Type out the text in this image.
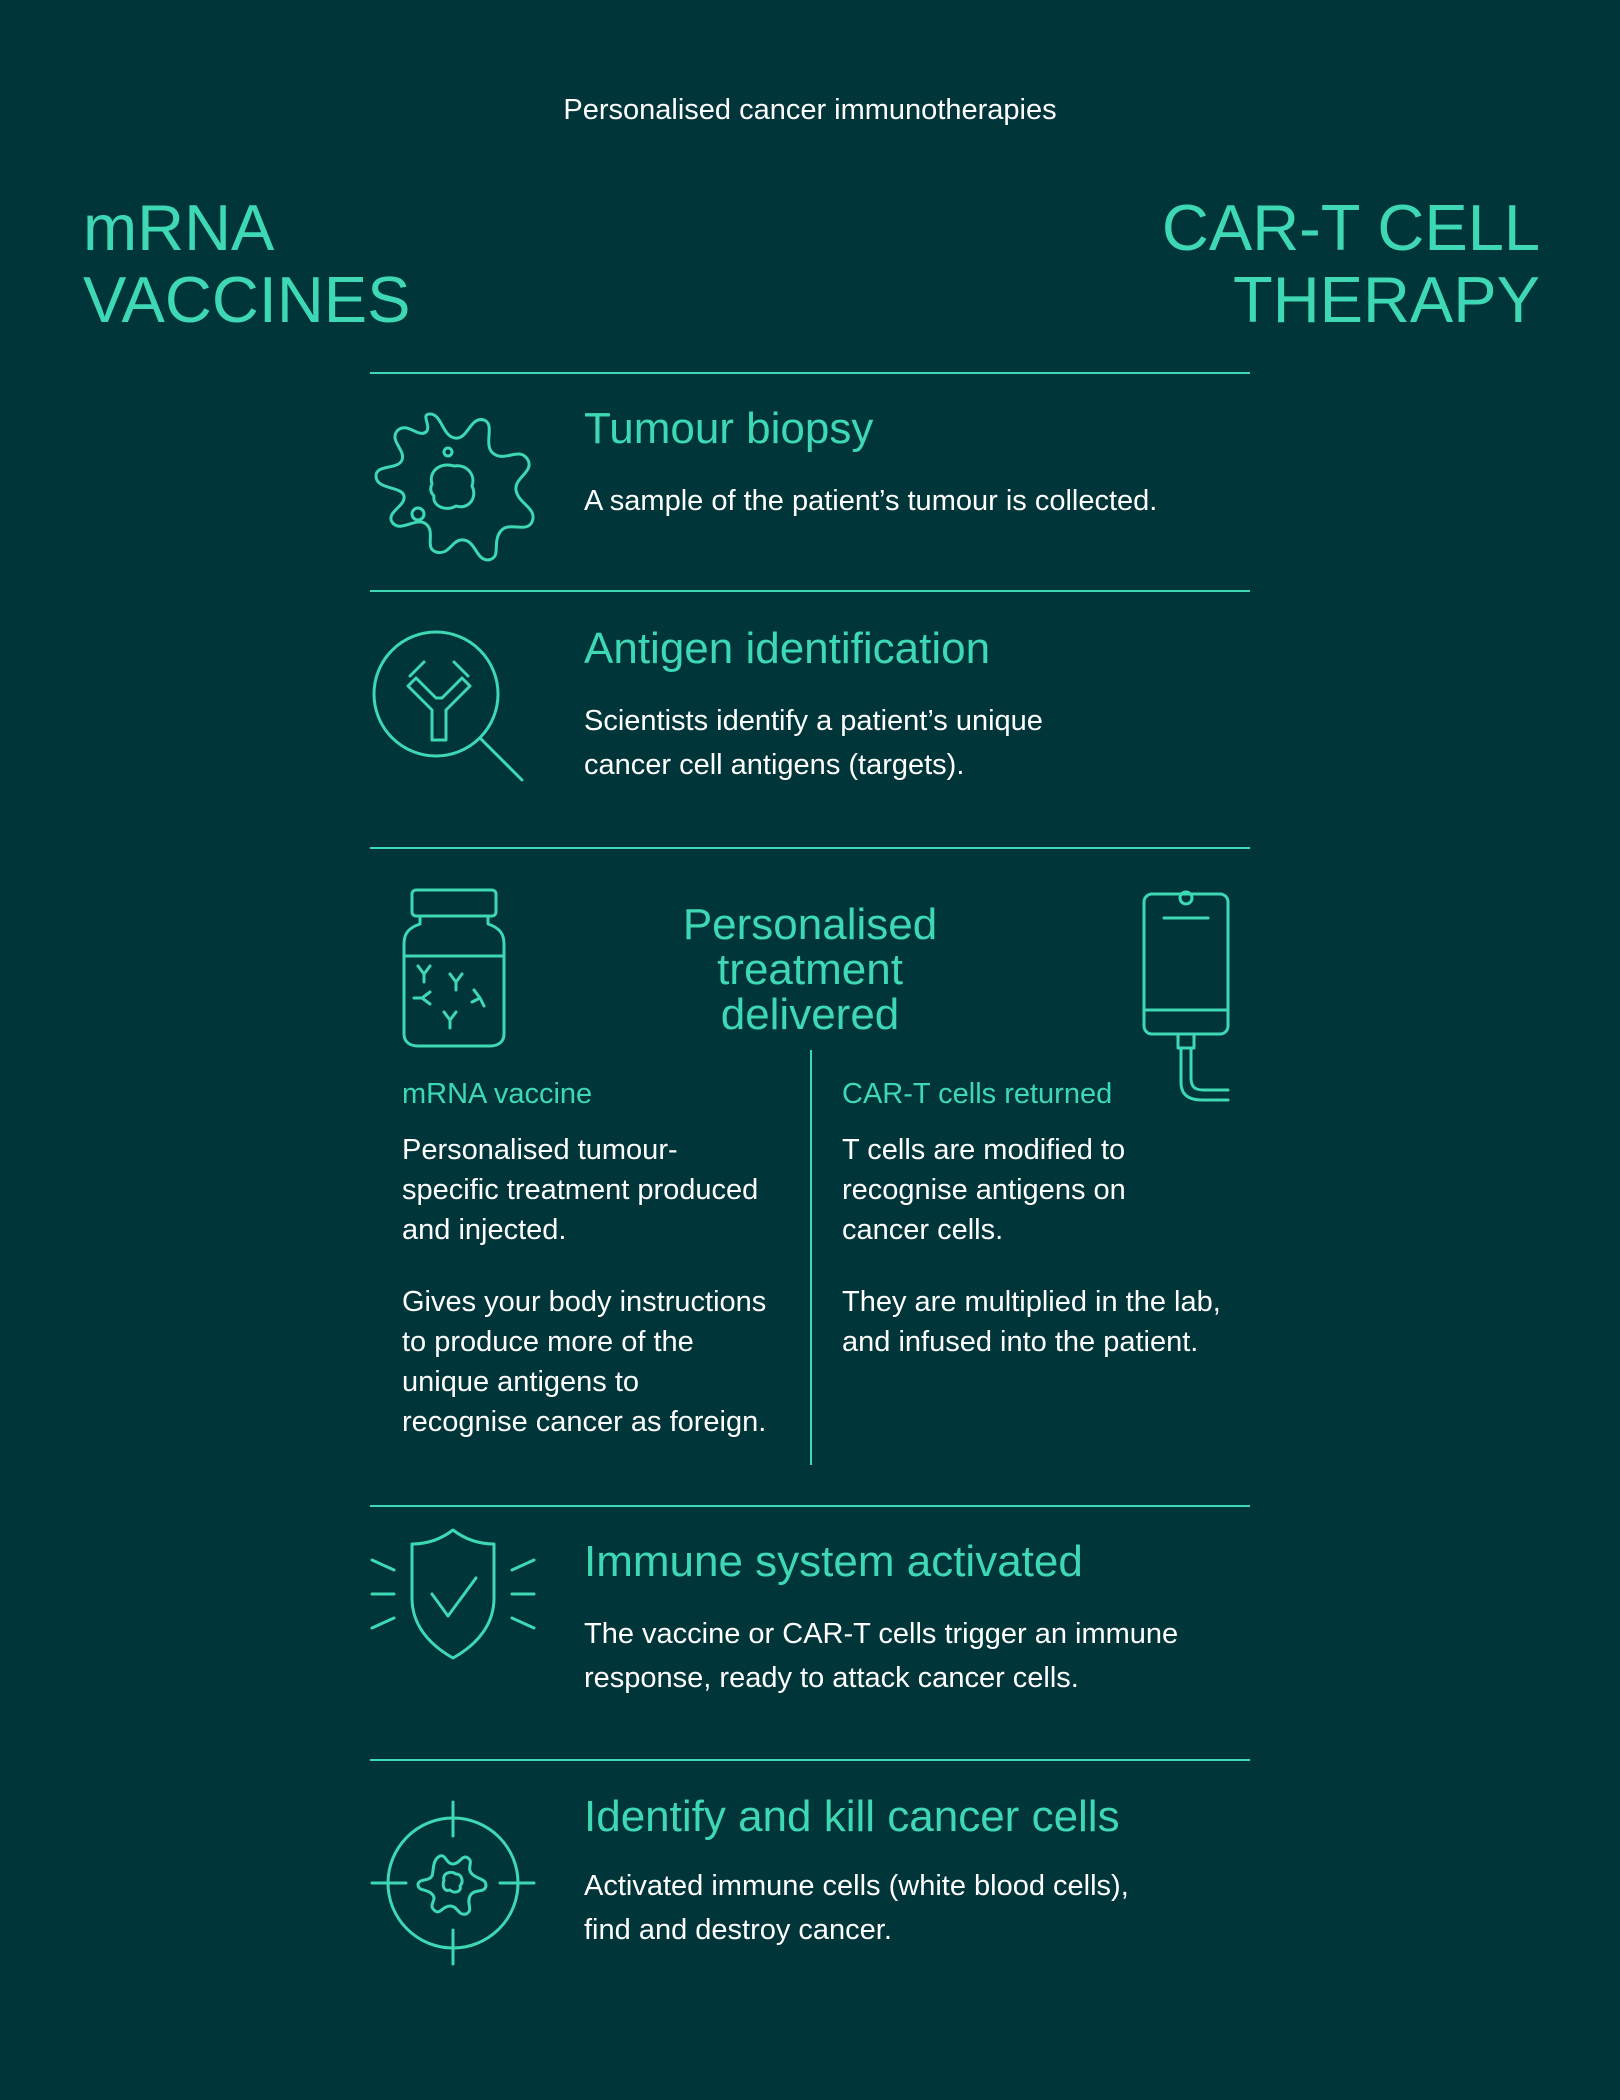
Personalised cancer immunotherapies
mRNA
VACCINES
CAR-T CELL
THERAPY
Tumour biopsy
A sample of the patient’s tumour is collected.
Antigen identification
Scientists identify a patient’s unique
cancer cell antigens (targets).
Personalised treatment
delivered
mRNA vaccine
Personalised tumour-
specific treatment produced
and injected.
Gives your body instructions
to produce more of the
unique antigens to
recognise cancer as foreign.
CAR-T cells returned
T cells are modified to
recognise antigens on
cancer cells.
They are multiplied in the lab,
and infused into the patient.
Immune system activated
The vaccine or CAR-T cells trigger an immune
response, ready to attack cancer cells.
Identify and kill cancer cells
Activated immune cells (white blood cells),
find and destroy cancer.
